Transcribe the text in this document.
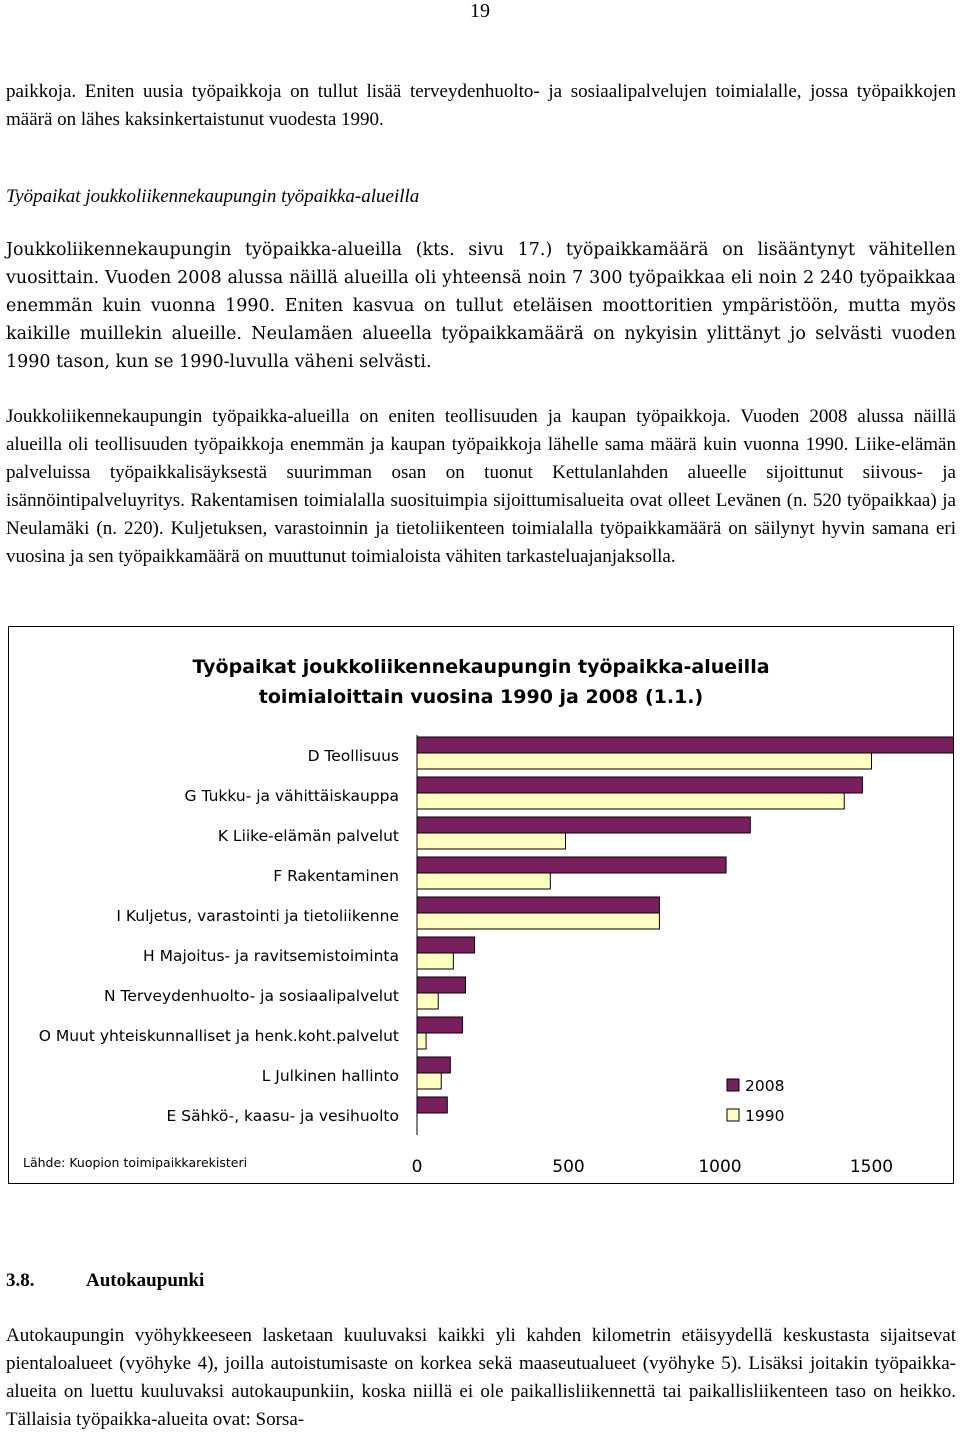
19

paikkoja. Eniten uusia työpaikkoja on tullut lisää terveydenhuolto- ja sosiaalipalvelujen toimialalle, jossa työpaikkojen määrä on lähes kaksinkertaistunut vuodesta 1990.

Työpaikat joukkoliikennekaupungin työpaikka-alueilla

Joukkoliikennekaupungin työpaikka-alueilla (kts. sivu 17.) työpaikkamäärä on lisääntynyt vähitellen vuosittain. Vuoden 2008 alussa näillä alueilla oli yhteensä noin 7 300 työpaikkaa eli noin 2 240 työpaikkaa enemmän kuin vuonna 1990. Eniten kasvua on tullut eteläisen moottoritien ympäristöön, mutta myös kaikille muillekin alueille. Neulamäen alueella työpaikkamäärä on nykyisin ylittänyt jo selvästi vuoden 1990 tason, kun se 1990-luvulla väheni selvästi.

Joukkoliikennekaupungin työpaikka-alueilla on eniten teollisuuden ja kaupan työpaikkoja. Vuoden 2008 alussa näillä alueilla oli teollisuuden työpaikkoja enemmän ja kaupan työpaikkoja lähelle sama määrä kuin vuonna 1990. Liike-elämän palveluissa työpaikkalisäyksestä suurimman osan on tuonut Kettulanlahden alueelle sijoittunut siivous- ja isännöintipalveluyritys. Rakentamisen toimialalla suosituimpia sijoittumisalueita ovat olleet Levänen (n. 520 työpaikkaa) ja Neulamäki (n. 220). Kuljetuksen, varastoinnin ja tietoliikenteen toimialalla työpaikkamäärä on säilynyt hyvin samana eri vuosina ja sen työpaikkamäärä on muuttunut toimialoista vähiten tarkasteluajanjaksolla.

Työpaikat joukkoliikennekaupungin työpaikka-alueilla
toimialoittain vuosina 1990 ja 2008 (1.1.)
D Teollisuus
G Tukku- ja vähittäiskauppa
K Liike-elämän palvelut
F Rakentaminen
I Kuljetus, varastointi ja tietoliikenne
H Majoitus- ja ravitsemistoiminta
N Terveydenhuolto- ja sosiaalipalvelut
O Muut yhteiskunnalliset ja henk.koht.palvelut
L Julkinen hallinto
E Sähkö-, kaasu- ja vesihuolto
0	500	1000	1500
Lähde: Kuopion toimipaikkarekisteri
2008
1990
3.8.	Autokaupunki

Autokaupungin vyöhykkeeseen lasketaan kuuluvaksi kaikki yli kahden kilometrin etäisyydellä keskustasta sijaitsevat pientaloalueet (vyöhyke 4), joilla autoistumisaste on korkea sekä maaseutualueet (vyöhyke 5). Lisäksi joitakin työpaikka-alueita on luettu kuuluvaksi autokaupunkiin, koska niillä ei ole paikallisliikennettä tai paikallisliikenteen taso on heikko. Tällaisia työpaikka-alueita ovat: Sorsa-
